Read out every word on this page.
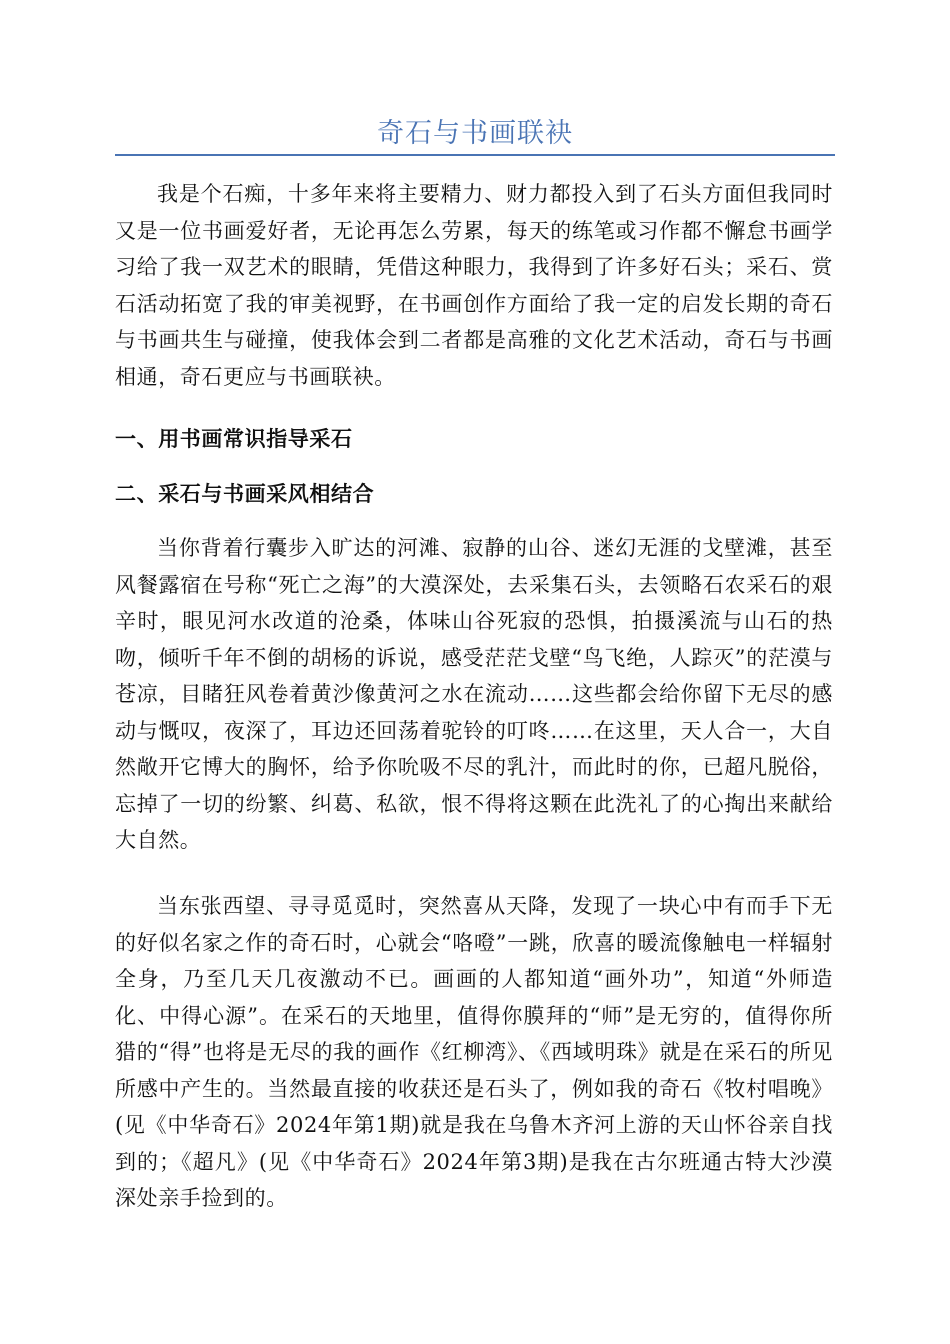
奇石与书画联袂

我是个石痴，十多年来将主要精力、财力都投入到了石头方面但我同时又是一位书画爱好者，无论再怎么劳累，每天的练笔或习作都不懈怠书画学习给了我一双艺术的眼睛，凭借这种眼力，我得到了许多好石头；采石、赏石活动拓宽了我的审美视野，在书画创作方面给了我一定的启发长期的奇石与书画共生与碰撞，使我体会到二者都是高雅的文化艺术活动，奇石与书画相通，奇石更应与书画联袂。

一、用书画常识指导采石
二、采石与书画采风相结合

当你背着行囊步入旷达的河滩、寂静的山谷、迷幻无涯的戈壁滩，甚至风餐露宿在号称“死亡之海”的大漠深处，去采集石头，去领略石农采石的艰辛时，眼见河水改道的沧桑，体味山谷死寂的恐惧，拍摄溪流与山石的热吻，倾听千年不倒的胡杨的诉说，感受茫茫戈壁“鸟飞绝，人踪灭”的茫漠与苍凉，目睹狂风卷着黄沙像黄河之水在流动……这些都会给你留下无尽的感动与慨叹，夜深了，耳边还回荡着驼铃的叮咚……在这里，天人合一，大自然敞开它博大的胸怀，给予你吮吸不尽的乳汁，而此时的你，已超凡脱俗，忘掉了一切的纷繁、纠葛、私欲，恨不得将这颗在此洗礼了的心掏出来献给大自然。

当东张西望、寻寻觅觅时，突然喜从天降，发现了一块心中有而手下无的好似名家之作的奇石时，心就会“咯噔”一跳，欣喜的暖流像触电一样辐射全身，乃至几天几夜激动不已。画画的人都知道“画外功”，知道“外师造化、中得心源”。在采石的天地里，值得你膜拜的“师”是无穷的，值得你所猎的“得”也将是无尽的我的画作《红柳湾》、《西域明珠》就是在采石的所见所感中产生的。当然最直接的收获还是石头了，例如我的奇石《牧村唱晚》(见《中华奇石》2024年第1期)就是我在乌鲁木齐河上游的天山怀谷亲自找到的；《超凡》(见《中华奇石》2024年第3期)是我在古尔班通古特大沙漠深处亲手捡到的。
